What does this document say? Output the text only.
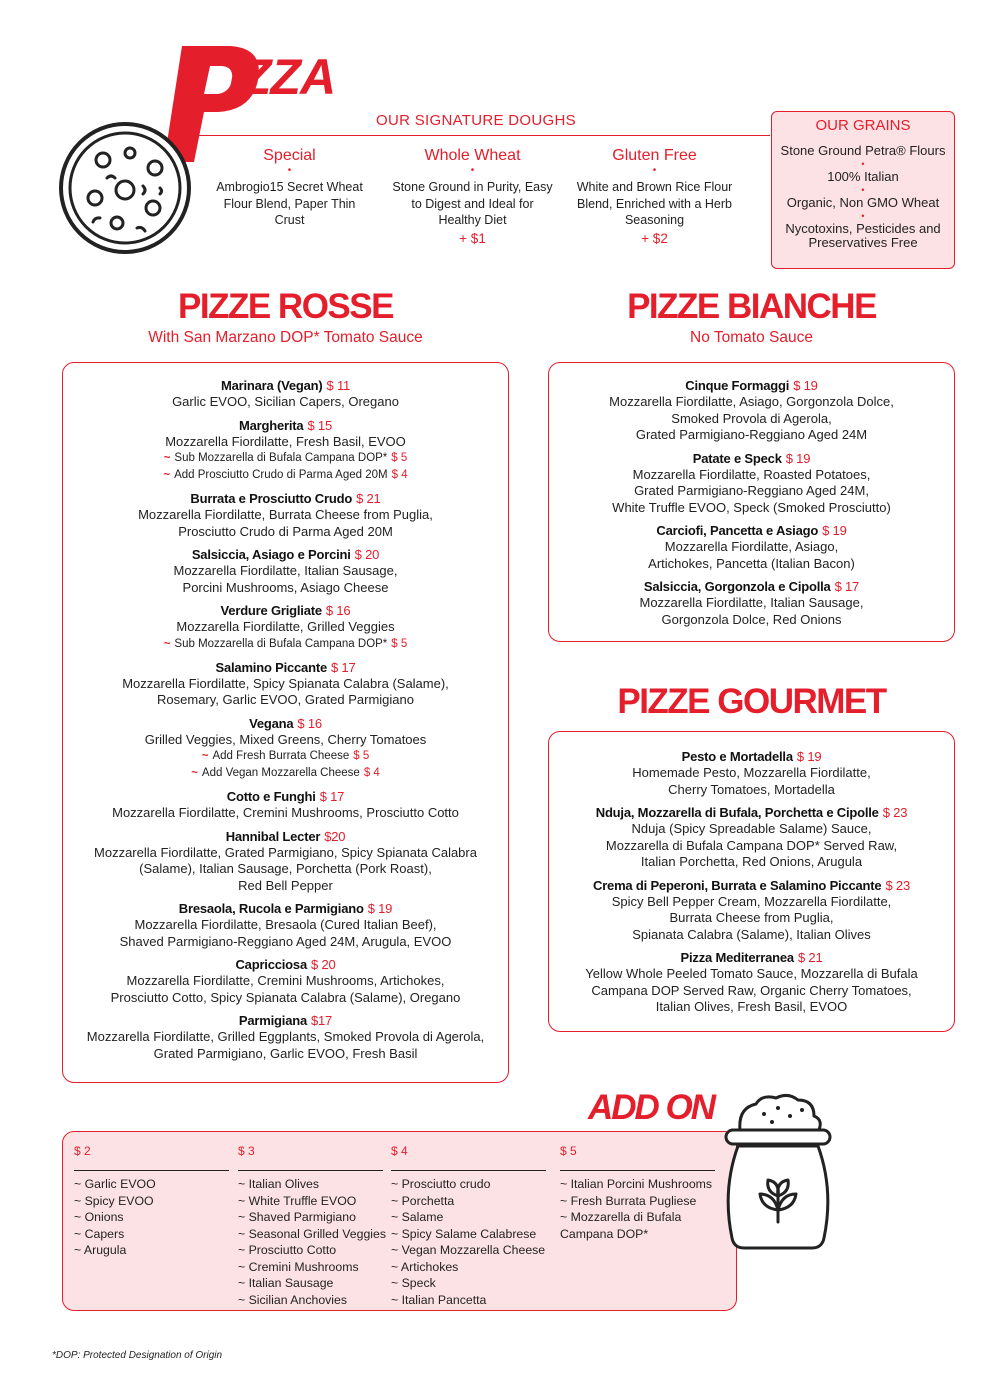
IZZA
OUR SIGNATURE DOUGHS
Special
•
Ambrogio15 Secret Wheat
Flour Blend, Paper Thin
Crust
Whole Wheat
•
Stone Ground in Purity, Easy
to Digest and Ideal for
Healthy Diet
+ $1
Gluten Free
•
White and Brown Rice Flour
Blend, Enriched with a Herb
Seasoning
+ $2
OUR GRAINS
Stone Ground Petra® Flours
•
100% Italian
•
Organic, Non GMO Wheat
•
Nycotoxins, Pesticides and Preservatives Free
PIZZE ROSSE
With San Marzano DOP* Tomato Sauce
Marinara (Vegan) $ 11
Garlic EVOO, Sicilian Capers, Oregano
Margherita $ 15
Mozzarella Fiordilatte, Fresh Basil, EVOO
~ Sub Mozzarella di Bufala Campana DOP* $ 5
~ Add Prosciutto Crudo di Parma Aged 20M $ 4
Burrata e Prosciutto Crudo $ 21
Mozzarella Fiordilatte, Burrata Cheese from Puglia,
Prosciutto Crudo di Parma Aged 20M
Salsiccia, Asiago e Porcini $ 20
Mozzarella Fiordilatte, Italian Sausage,
Porcini Mushrooms, Asiago Cheese
Verdure Grigliate $ 16
Mozzarella Fiordilatte, Grilled Veggies
~ Sub Mozzarella di Bufala Campana DOP* $ 5
Salamino Piccante $ 17
Mozzarella Fiordilatte, Spicy Spianata Calabra (Salame),
Rosemary, Garlic EVOO, Grated Parmigiano
Vegana $ 16
Grilled Veggies, Mixed Greens, Cherry Tomatoes
~ Add Fresh Burrata Cheese $ 5
~ Add Vegan Mozzarella Cheese $ 4
Cotto e Funghi $ 17
Mozzarella Fiordilatte, Cremini Mushrooms, Prosciutto Cotto
Hannibal Lecter $20
Mozzarella Fiordilatte, Grated Parmigiano, Spicy Spianata Calabra
(Salame), Italian Sausage, Porchetta (Pork Roast),
Red Bell Pepper
Bresaola, Rucola e Parmigiano $ 19
Mozzarella Fiordilatte, Bresaola (Cured Italian Beef),
Shaved Parmigiano-Reggiano Aged 24M, Arugula, EVOO
Capricciosa $ 20
Mozzarella Fiordilatte, Cremini Mushrooms, Artichokes,
Prosciutto Cotto, Spicy Spianata Calabra (Salame), Oregano
Parmigiana $17
Mozzarella Fiordilatte, Grilled Eggplants, Smoked Provola di Agerola,
Grated Parmigiano, Garlic EVOO, Fresh Basil
PIZZE BIANCHE
No Tomato Sauce
Cinque Formaggi $ 19
Mozzarella Fiordilatte, Asiago, Gorgonzola Dolce,
Smoked Provola di Agerola,
Grated Parmigiano-Reggiano Aged 24M
Patate e Speck $ 19
Mozzarella Fiordilatte, Roasted Potatoes,
Grated Parmigiano-Reggiano Aged 24M,
White Truffle EVOO, Speck (Smoked Prosciutto)
Carciofi, Pancetta e Asiago $ 19
Mozzarella Fiordilatte, Asiago,
Artichokes, Pancetta (Italian Bacon)
Salsiccia, Gorgonzola e Cipolla $ 17
Mozzarella Fiordilatte, Italian Sausage,
Gorgonzola Dolce, Red Onions
PIZZE GOURMET
Pesto e Mortadella $ 19
Homemade Pesto, Mozzarella Fiordilatte,
Cherry Tomatoes, Mortadella
Nduja, Mozzarella di Bufala, Porchetta e Cipolle $ 23
Nduja (Spicy Spreadable Salame) Sauce,
Mozzarella di Bufala Campana DOP* Served Raw,
Italian Porchetta, Red Onions, Arugula
Crema di Peperoni, Burrata e Salamino Piccante $ 23
Spicy Bell Pepper Cream, Mozzarella Fiordilatte,
Burrata Cheese from Puglia,
Spianata Calabra (Salame), Italian Olives
Pizza Mediterranea $ 21
Yellow Whole Peeled Tomato Sauce, Mozzarella di Bufala
Campana DOP Served Raw, Organic Cherry Tomatoes,
Italian Olives, Fresh Basil, EVOO
ADD ON
$ 2
~ Garlic EVOO
~ Spicy EVOO
~ Onions
~ Capers
~ Arugula
$ 3
~ Italian Olives
~ White Truffle EVOO
~ Shaved Parmigiano
~ Seasonal Grilled Veggies
~ Prosciutto Cotto
~ Cremini Mushrooms
~ Italian Sausage
~ Sicilian Anchovies
$ 4
~ Prosciutto crudo
~ Porchetta
~ Salame
~ Spicy Salame Calabrese
~ Vegan Mozzarella Cheese
~ Artichokes
~ Speck
~ Italian Pancetta
$ 5
~ Italian Porcini Mushrooms
~ Fresh Burrata Pugliese
~ Mozzarella di Bufala
Campana DOP*
*DOP: Protected Designation of Origin
